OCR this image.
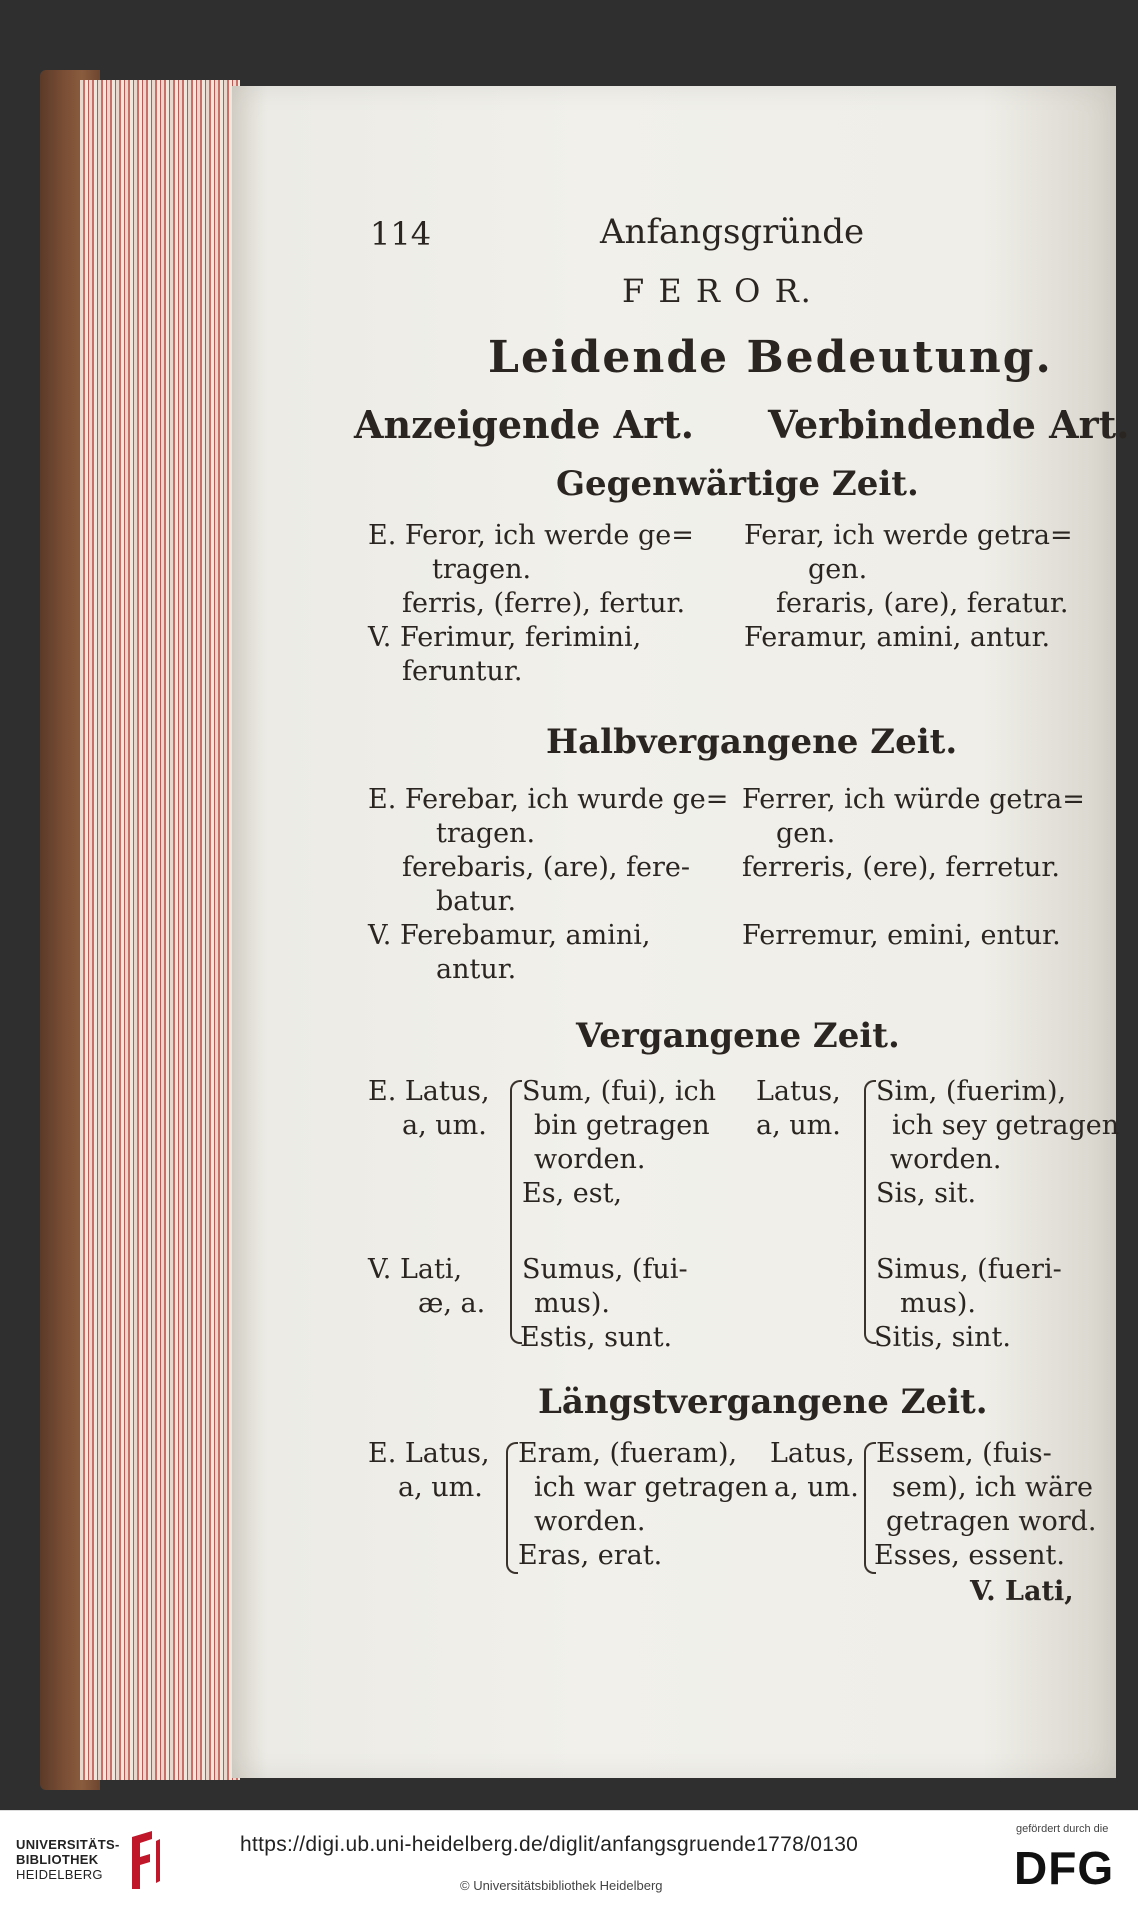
114	Anfangsgründe
F E R O R.
Leidende Bedeutung.
Anzeigende Art. Verbindende Art.
Gegenwärtige Zeit.
E. Feror, ich werde ge=
tragen.
ferris, (ferre), fertur.
V. Ferimur, ferimini,
feruntur.
Ferar, ich werde getra=
gen.
feraris, (are), feratur.
Feramur, amini, antur.
Halbvergangene Zeit.
E. Ferebar, ich wurde ge=
tragen.
ferebaris, (are), fere-
batur.
V. Ferebamur, amini,
antur.
Ferrer, ich würde getra=
gen.
ferreris, (ere), ferretur.
Ferremur, emini, entur.
Vergangene Zeit.
E. Latus,
a, um.
V. Lati,
æ, a.
Sum, (fui), ich
bin getragen
worden.
Es, est,
Sumus, (fui-
mus).
Estis, sunt.
Latus,
a, um.
Sim, (fuerim),
ich sey getragen
worden.
Sis, sit.
Simus, (fueri-
mus).
Sitis, sint.
Längstvergangene Zeit.
E. Latus,
a, um.
Eram, (fueram),
ich war getragen
worden.
Eras, erat.
Latus,
a, um.
Essem, (fuis-
sem), ich wäre
getragen word.
Esses, essent.
V. Lati,
UNIVERSITÄTS-
BIBLIOTHEK
HEIDELBERG
https://digi.ub.uni-heidelberg.de/diglit/anfangsgruende1778/0130
© Universitätsbibliothek Heidelberg
gefördert durch die
DFG
